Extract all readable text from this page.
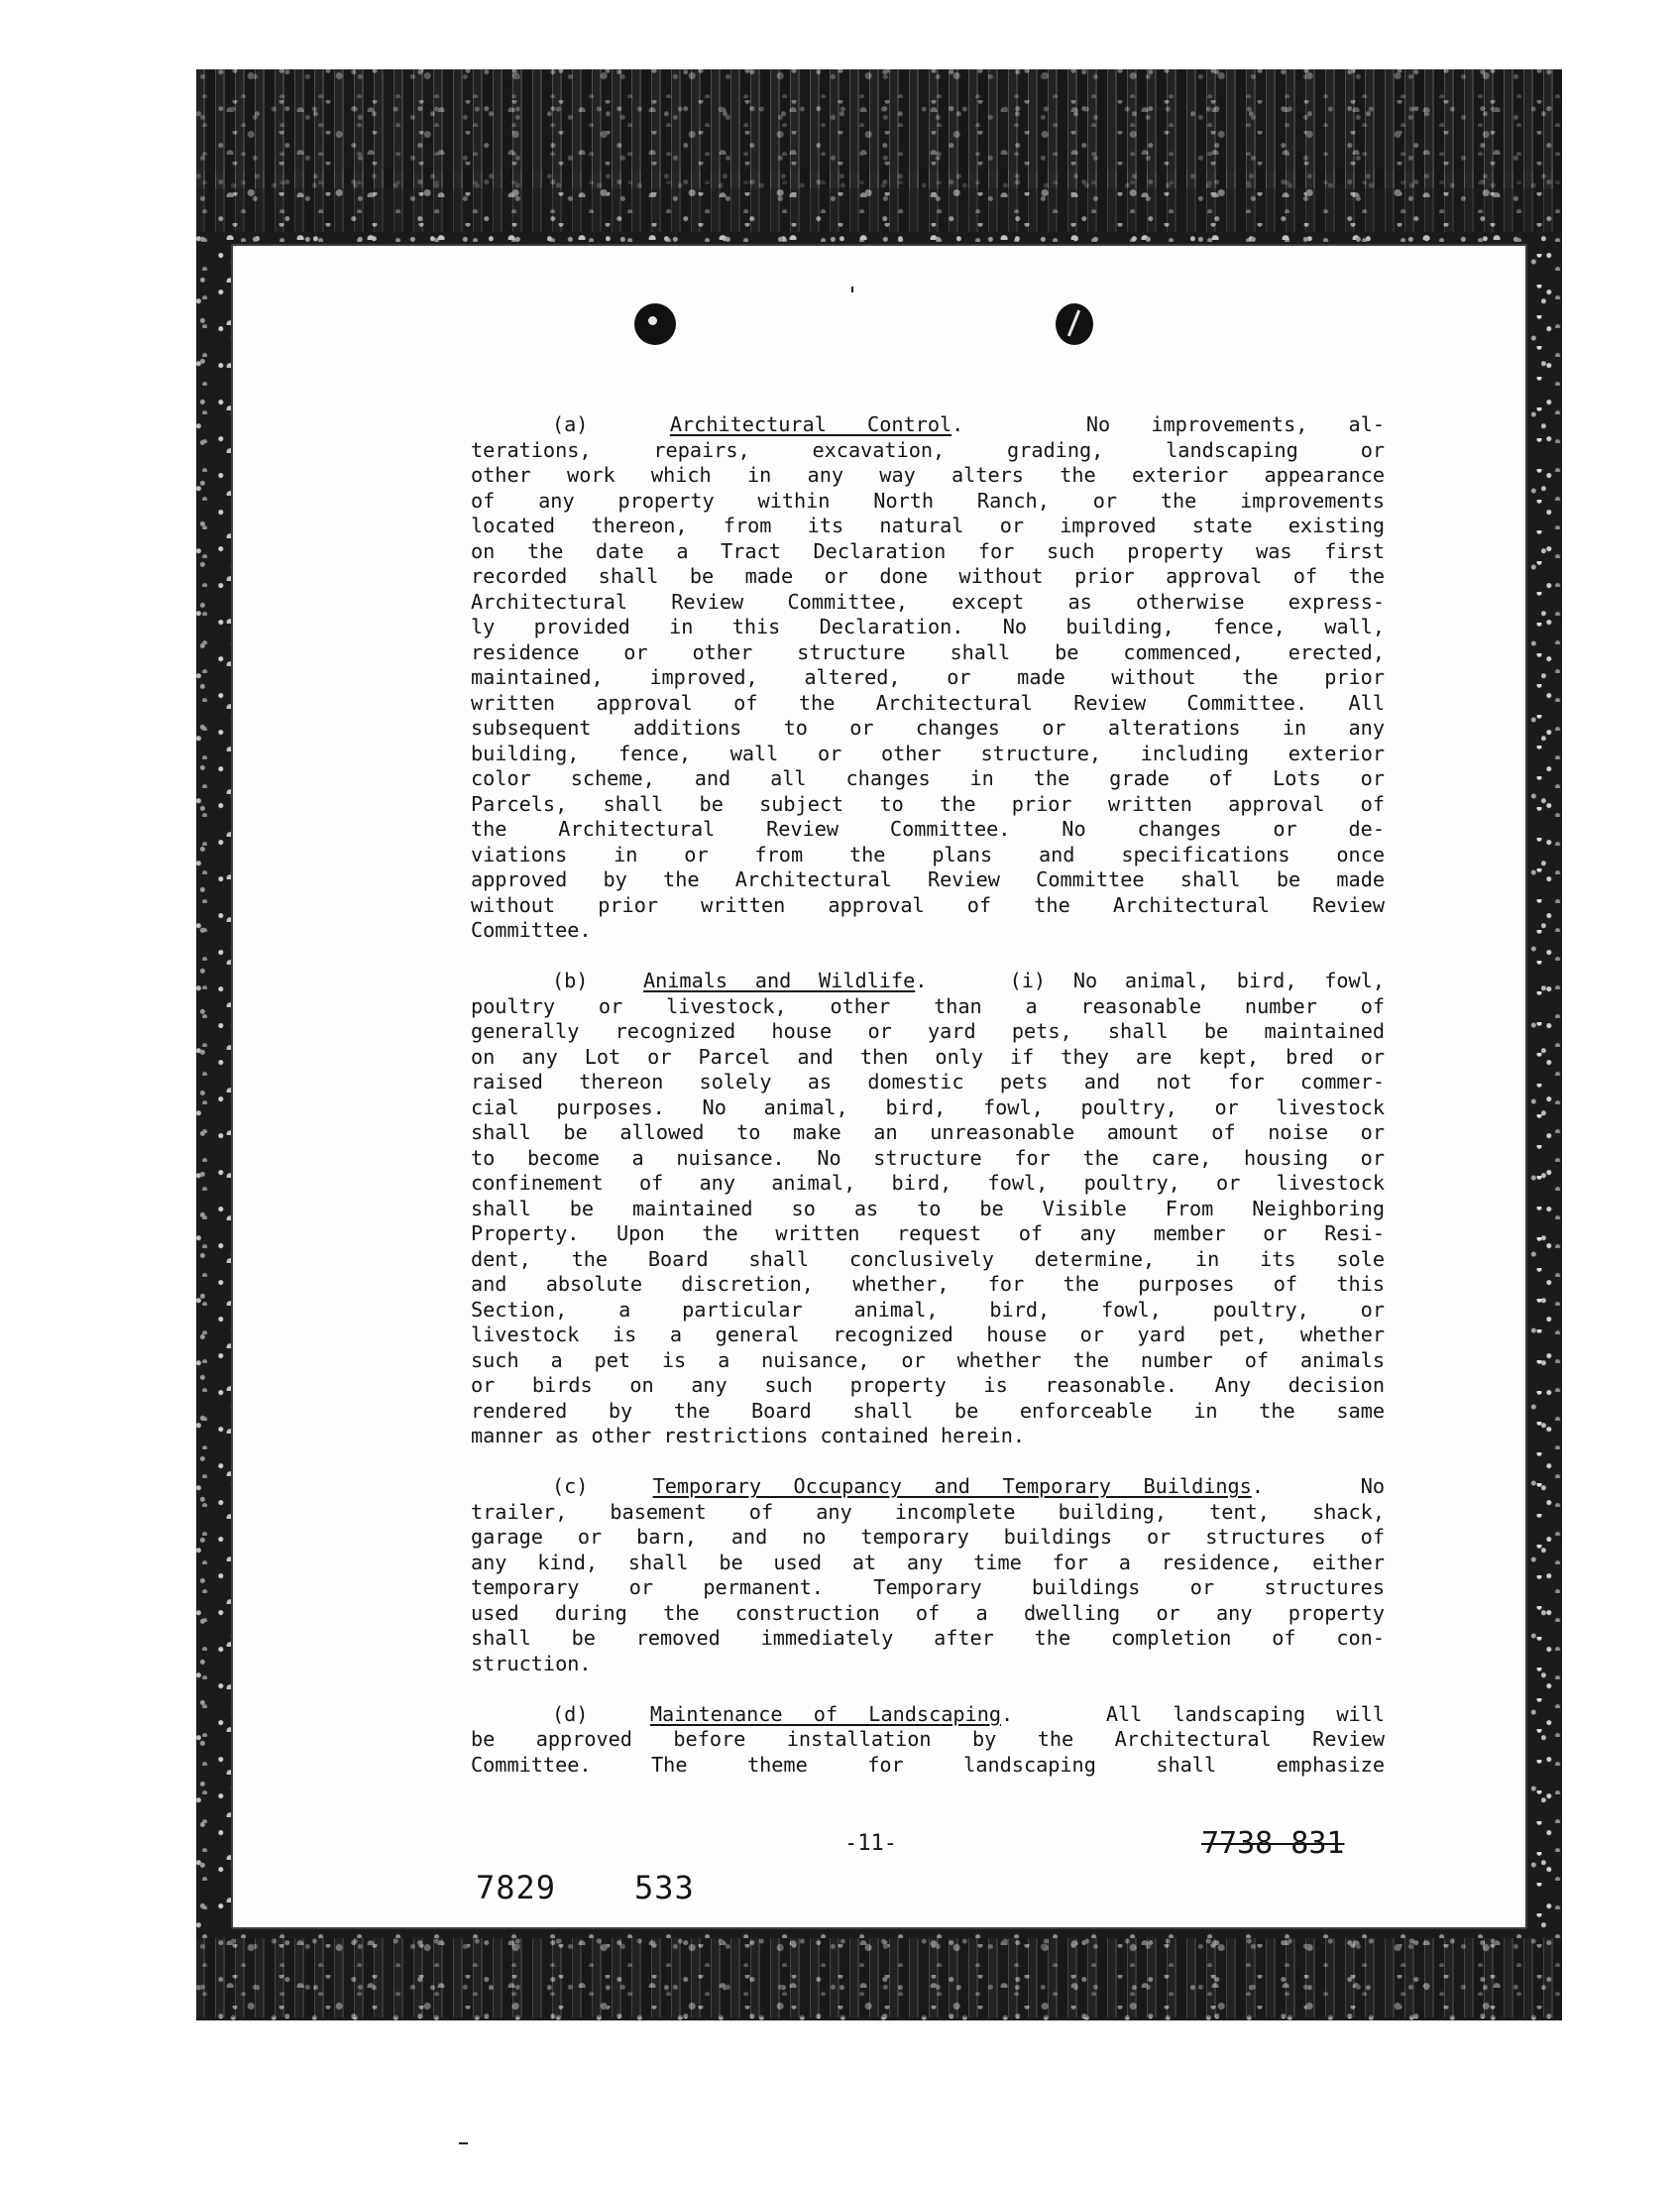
(a)	Architectural Control.   No improvements, al-
terations, repairs, excavation, grading, landscaping or
other work which in any way alters the exterior appearance
of any property within North Ranch, or the improvements
located thereon, from its natural or improved state existing
on the date a Tract Declaration for such property was first
recorded shall be made or done without prior approval of the
Architectural Review Committee, except as otherwise express-
ly provided in this Declaration. No building, fence, wall,
residence or other structure shall be commenced, erected,
maintained, improved, altered, or made without the prior
written approval of the Architectural Review Committee. All
subsequent additions to or changes or alterations in any
building, fence, wall or other structure, including exterior
color scheme, and all changes in the grade of Lots or
Parcels, shall be subject to the prior written approval of
the Architectural Review Committee. No changes or de-
viations in or from the plans and specifications once
approved by the Architectural Review Committee shall be made
without prior written approval of the Architectural Review
Committee.
(b)	Animals and Wildlife.   (i) No animal, bird, fowl,
poultry or livestock, other than a reasonable number of
generally recognized house or yard pets, shall be maintained
on any Lot or Parcel and then only if they are kept, bred or
raised thereon solely as domestic pets and not for commer-
cial purposes. No animal, bird, fowl, poultry, or livestock
shall be allowed to make an unreasonable amount of noise or
to become a nuisance. No structure for the care, housing or
confinement of any animal, bird, fowl, poultry, or livestock
shall be maintained so as to be Visible From Neighboring
Property. Upon the written request of any member or Resi-
dent, the Board shall conclusively determine, in its sole
and absolute discretion, whether, for the purposes of this
Section, a particular animal, bird, fowl, poultry, or
livestock is a general recognized house or yard pet, whether
such a pet is a nuisance, or whether the number of animals
or birds on any such property is reasonable. Any decision
rendered by the Board shall be enforceable in the same
manner as other restrictions contained herein.
(c)	Temporary Occupancy and Temporary Buildings.   No
trailer, basement of any incomplete building, tent, shack,
garage or barn, and no temporary buildings or structures of
any kind, shall be used at any time for a residence, either
temporary or permanent. Temporary buildings or structures
used during the construction of a dwelling or any property
shall be removed immediately after the completion of con-
struction.
(d)	Maintenance of Landscaping.   All landscaping will
be approved before installation by the Architectural Review
Committee. The theme for landscaping shall emphasize
-11-	7738 831
7829 533
